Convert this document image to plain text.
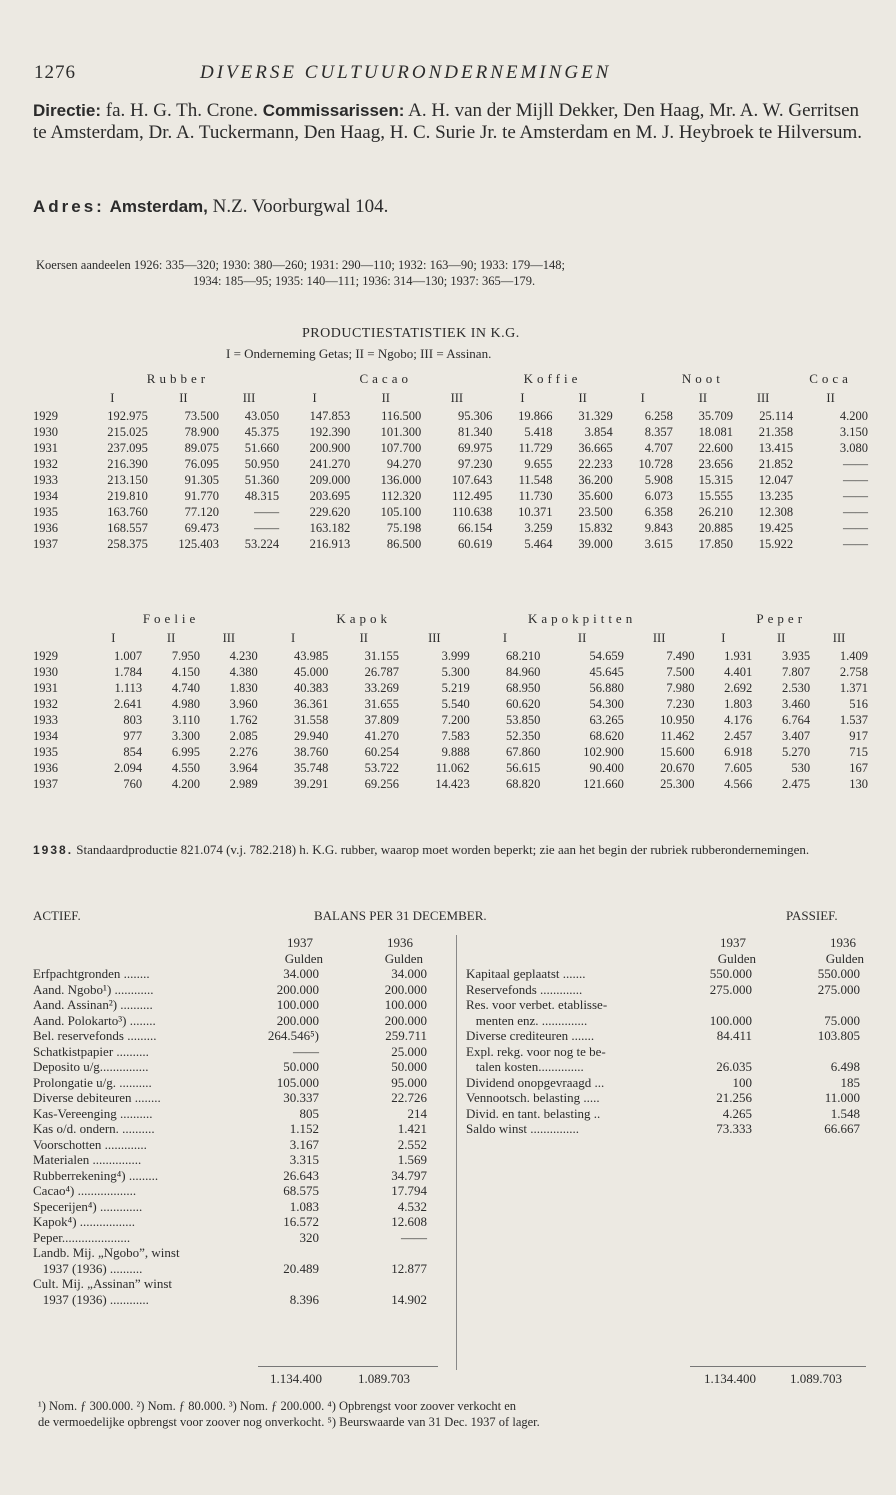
1276	DIVERSE CULTUURONDERNEMINGEN
Directie: fa. H. G. Th. Crone. Commissarissen: A. H. van der Mijll Dekker, Den Haag, Mr. A. W. Gerritsen te Amsterdam, Dr. A. Tuckermann, Den Haag, H. C. Surie Jr. te Amsterdam en M. J. Heybroek te Hilversum.
Adres: Amsterdam, N.Z. Voorburgwal 104.
Koersen aandeelen 1926: 335—320; 1930: 380—260; 1931: 290—110; 1932: 163—90; 1933: 179—148;
1934: 185—95; 1935: 140—111; 1936: 314—130; 1937: 365—179.
PRODUCTIESTATISTIEK IN K.G.
I = Onderneming Getas; II = Ngobo; III = Assinan.
	Rubber			Cacao			Koffie		Noot			Coca
	I	II	III	I	II	III	I	II	I	II	III	II
1929	192.975	73.500	43.050	147.853	116.500	95.306	19.866	31.329	6.258	35.709	25.114	4.200
1930	215.025	78.900	45.375	192.390	101.300	81.340	5.418	3.854	8.357	18.081	21.358	3.150
1931	237.095	89.075	51.660	200.900	107.700	69.975	11.729	36.665	4.707	22.600	13.415	3.080
1932	216.390	76.095	50.950	241.270	94.270	97.230	9.655	22.233	10.728	23.656	21.852	——
1933	213.150	91.305	51.360	209.000	136.000	107.643	11.548	36.200	5.908	15.315	12.047	——
1934	219.810	91.770	48.315	203.695	112.320	112.495	11.730	35.600	6.073	15.555	13.235	——
1935	163.760	77.120	——	229.620	105.100	110.638	10.371	23.500	6.358	26.210	12.308	——
1936	168.557	69.473	——	163.182	75.198	66.154	3.259	15.832	9.843	20.885	19.425	——
1937	258.375	125.403	53.224	216.913	86.500	60.619	5.464	39.000	3.615	17.850	15.922	——
	Foelie			Kapok			Kapokpitten			Peper		
	I	II	III	I	II	III	I	II	III	I	II	III
1929	1.007	7.950	4.230	43.985	31.155	3.999	68.210	54.659	7.490	1.931	3.935	1.409
1930	1.784	4.150	4.380	45.000	26.787	5.300	84.960	45.645	7.500	4.401	7.807	2.758
1931	1.113	4.740	1.830	40.383	33.269	5.219	68.950	56.880	7.980	2.692	2.530	1.371
1932	2.641	4.980	3.960	36.361	31.655	5.540	60.620	54.300	7.230	1.803	3.460	516
1933	803	3.110	1.762	31.558	37.809	7.200	53.850	63.265	10.950	4.176	6.764	1.537
1934	977	3.300	2.085	29.940	41.270	7.583	52.350	68.620	11.462	2.457	3.407	917
1935	854	6.995	2.276	38.760	60.254	9.888	67.860	102.900	15.600	6.918	5.270	715
1936	2.094	4.550	3.964	35.748	53.722	11.062	56.615	90.400	20.670	7.605	530	167
1937	760	4.200	2.989	39.291	69.256	14.423	68.820	121.660	25.300	4.566	2.475	130
1938. Standaardproductie 821.074 (v.j. 782.218) h. K.G. rubber, waarop moet worden beperkt; zie aan het begin der rubriek rubberondernemingen.
ACTIEF.	BALANS PER 31 DECEMBER.	PASSIEF.
	1937	1936
	Gulden	Gulden
Erfpachtgronden ........	34.000	34.000
Aand. Ngobo¹) ............	200.000	200.000
Aand. Assinan²) ..........	100.000	100.000
Aand. Polokarto³) ........	200.000	200.000
Bel. reservefonds .........	264.546⁵)	259.711
Schatkistpapier ..........	——	25.000
Deposito u/g...............	50.000	50.000
Prolongatie u/g. ..........	105.000	95.000
Diverse debiteuren ........	30.337	22.726
Kas-Vereenging ..........	805	214
Kas o/d. ondern. ..........	1.152	1.421
Voorschotten .............	3.167	2.552
Materialen ...............	3.315	1.569
Rubberrekening⁴) .........	26.643	34.797
Cacao⁴) ..................	68.575	17.794
Specerijen⁴) .............	1.083	4.532
Kapok⁴) .................	16.572	12.608
Peper.....................	320	——
Landb. Mij. „Ngobo”, winst		
1937 (1936) ..........	20.489	12.877
Cult. Mij. „Assinan” winst		
1937 (1936) ............	8.396	14.902
	1937	1936
	Gulden	Gulden
Kapitaal geplaatst .......	550.000	550.000
Reservefonds .............	275.000	275.000
Res. voor verbet. etablisse-		
menten enz. ..............	100.000	75.000
Diverse crediteuren .......	84.411	103.805
Expl. rekg. voor nog te be-		
talen kosten..............	26.035	6.498
Dividend onopgevraagd ...	100	185
Vennootsch. belasting .....	21.256	11.000
Divid. en tant. belasting ..	4.265	1.548
Saldo winst ...............	73.333	66.667
1.134.400	1.089.703	1.134.400	1.089.703
¹) Nom. ƒ 300.000. ²) Nom. ƒ 80.000. ³) Nom. ƒ 200.000. ⁴) Opbrengst voor zoover verkocht en
de vermoedelijke opbrengst voor zoover nog onverkocht. ⁵) Beurswaarde van 31 Dec. 1937 of lager.
